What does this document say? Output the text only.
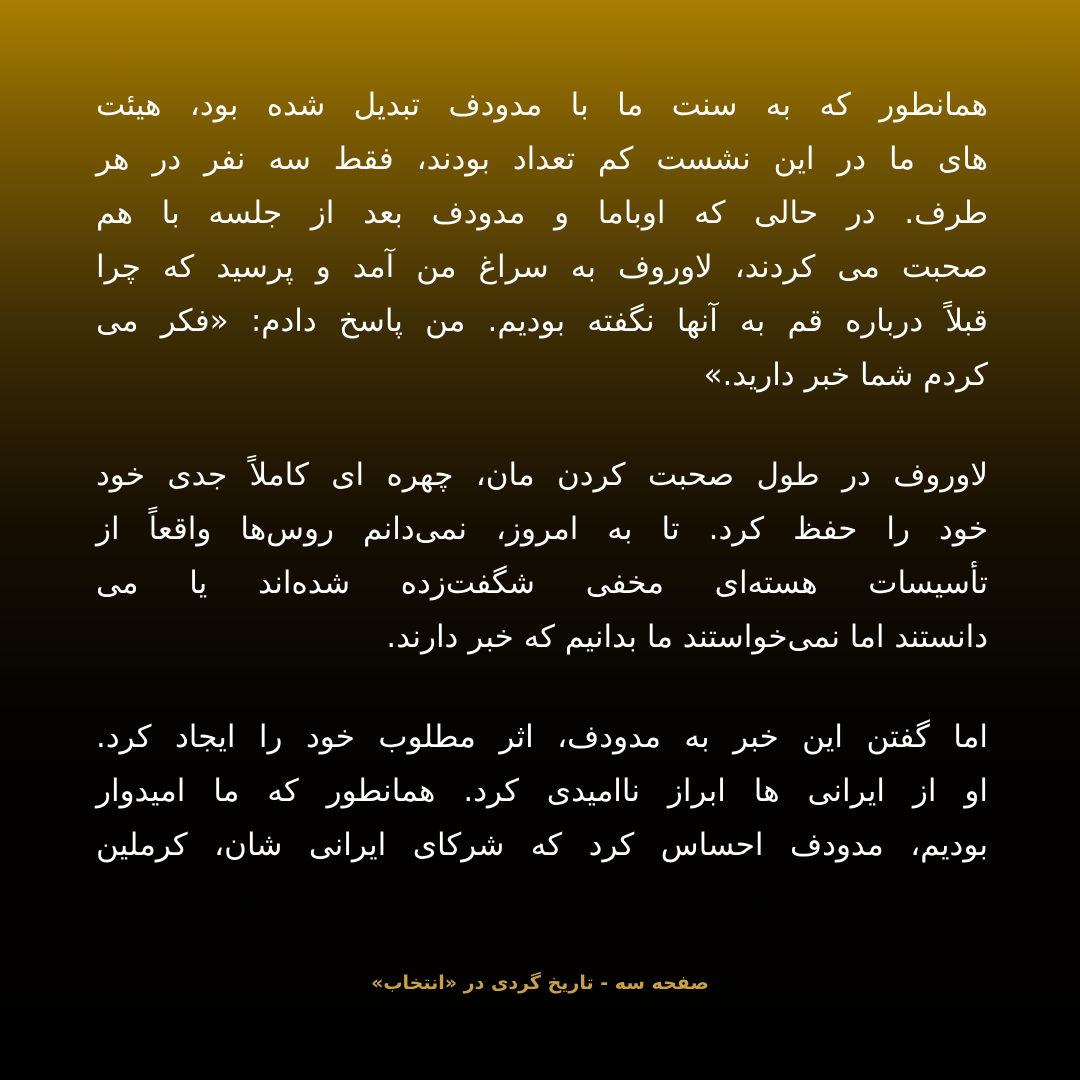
همانطور که به سنت ما با مدودف تبدیل شده بود، هیئت
های ما در این نشست کم تعداد بودند، فقط سه نفر در هر
طرف. در حالی که اوباما و مدودف بعد از جلسه با هم
صحبت می کردند، لاوروف به سراغ من آمد و پرسید که چرا
قبلاً درباره قم به آنها نگفته بودیم. من پاسخ دادم: «فکر می
کردم شما خبر دارید.»
لاوروف در طول صحبت کردن مان، چهره ای کاملاً جدی خود
خود را حفظ کرد. تا به امروز، نمی‌دانم روس‌ها واقعاً از
تأسیسات هسته‌ای مخفی شگفت‌زده شده‌اند یا می
دانستند اما نمی‌خواستند ما بدانیم که خبر دارند.
اما گفتن این خبر به مدودف، اثر مطلوب خود را ایجاد کرد.
او از ایرانی ها ابراز ناامیدی کرد. همانطور که ما امیدوار
بودیم، مدودف احساس کرد که شرکای ایرانی شان، کرملین
صفحه سه - تاریخ گردی در «انتخاب»
